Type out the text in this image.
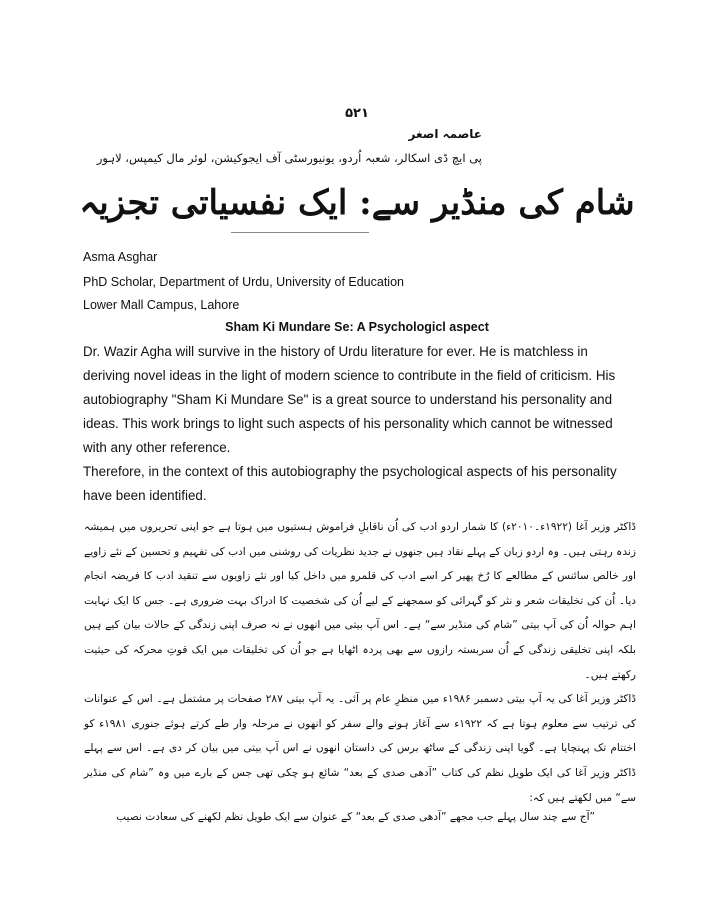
۵۲۱
عاصمہ اصغر
پی ایچ ڈی اسکالر، شعبہ اُردو، یونیورسٹی آف ایجوکیشن، لوئر مال کیمپس، لاہور
شام کی منڈیر سے: ایک نفسیاتی تجزیہ
Asma Asghar
PhD Scholar, Department of Urdu, University of Education
Lower Mall Campus, Lahore
Sham Ki Mundare Se: A Psychologicl aspect

Dr. Wazir Agha will survive in the history of Urdu literature for ever. He is matchless in deriving novel ideas in the light of modern science to contribute in the field of criticism. His autobiography "Sham Ki Mundare Se" is a great source to understand his personality and ideas. This work brings to light such aspects of his personality which cannot be witnessed with any other reference.
Therefore, in the context of this autobiography the psychological aspects of his personality have been identified.

ڈاکٹر وزیر آغا (۱۹۲۲ء۔۲۰۱۰ء) کا شمار اردو ادب کی اُن ناقابلِ فراموش ہستیوں میں ہوتا ہے جو اپنی تحریروں میں ہمیشہ زندہ رہتی ہیں۔ وہ اردو زبان کے پہلے نقاد ہیں جنھوں نے جدید نظریات کی روشنی میں ادب کی تفہیم و تحسین کے نئے زاویے اور خالص سائنس کے مطالعے کا رُخ پھیر کر اسے ادب کی قلمرو میں داخل کیا اور نئے زاویوں سے تنقید ادب کا فریضہ انجام دیا۔ اُن کی تخلیقات شعر و نثر کو گہرائی کو سمجھنے کے لیے اُن کی شخصیت کا ادراک بہت ضروری ہے۔ جس کا ایک نہایت اہم حوالہ اُن کی آپ بیتی ”شام کی منڈیر سے“ ہے۔ اس آپ بیتی میں انھوں نے نہ صرف اپنی زندگی کے حالات بیان کیے ہیں بلکہ اپنی تخلیقی زندگی کے اُن سربستہ رازوں سے بھی پردہ اٹھایا ہے جو اُن کی تخلیقات میں ایک قوتِ محرکہ کی حیثیت رکھتے ہیں۔

ڈاکٹر وزیر آغا کی یہ آپ بیتی دسمبر ۱۹۸۶ء میں منظرِ عام پر آئی۔ یہ آپ بیتی ۲۸۷ صفحات پر مشتمل ہے۔ اس کے عنوانات کی ترتیب سے معلوم ہوتا ہے کہ ۱۹۲۲ء سے آغاز ہونے والے سفر کو انھوں نے مرحلہ وار طے کرتے ہوئے جنوری ۱۹۸۱ء کو اختتام تک پہنچایا ہے۔ گویا اپنی زندگی کے ساٹھ برس کی داستان انھوں نے اس آپ بیتی میں بیان کر دی ہے۔ اس سے پہلے ڈاکٹر وزیر آغا کی ایک طویل نظم کی کتاب ”آدھی صدی کے بعد“ شائع ہو چکی تھی جس کے بارے میں وہ ”شام کی منڈیر سے“ میں لکھتے ہیں کہ:

”آج سے چند سال پہلے جب مجھے ”آدھی صدی کے بعد“ کے عنوان سے ایک طویل نظم لکھنے کی سعادت نصیب
